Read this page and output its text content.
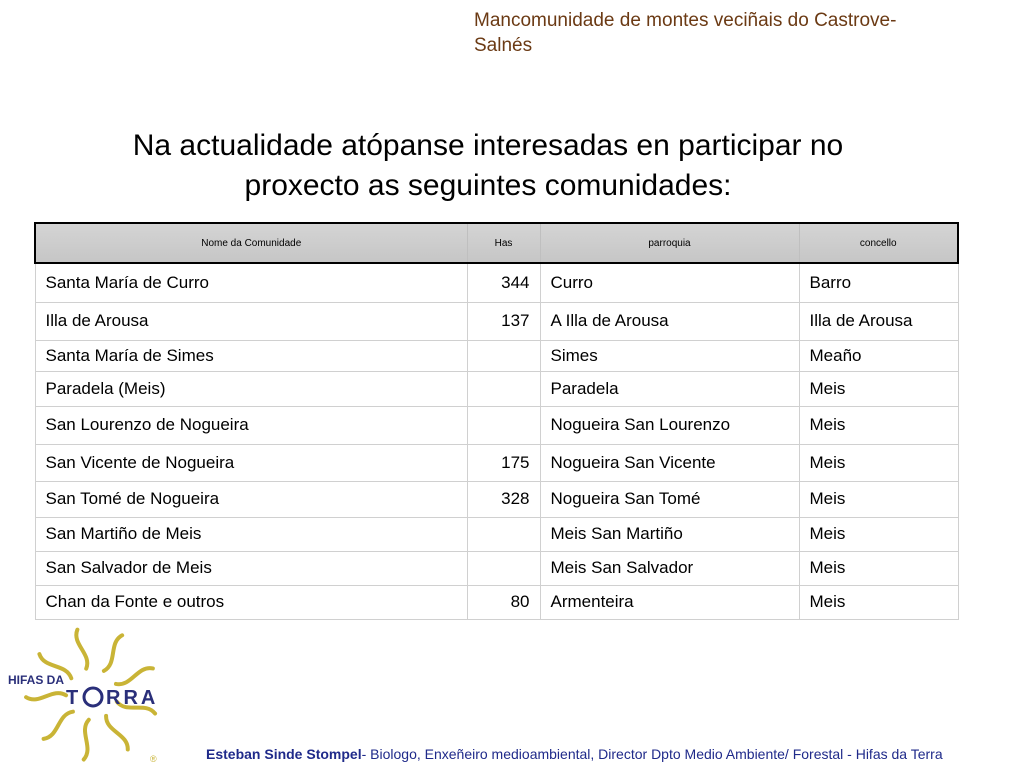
Mancomunidade de montes veciñais do Castrove-
Salnés
Na actualidade atópanse interesadas en participar no
proxecto as seguintes comunidades:
Nome da Comunidade	Has	parroquia	concello
Santa María de Curro	344	Curro	Barro
Illa de Arousa	137	A Illa de Arousa	Illa de Arousa
Santa María de Simes		Simes	Meaño
Paradela (Meis)		Paradela	Meis
San Lourenzo de Nogueira		Nogueira San Lourenzo	Meis
San Vicente de Nogueira	175	Nogueira San Vicente	Meis
San Tomé de Nogueira	328	Nogueira San Tomé	Meis
San Martiño de Meis		Meis San Martiño	Meis
San Salvador de Meis		Meis San Salvador	Meis
Chan da Fonte e outros	80	Armenteira	Meis
HIFAS DA
T RRA
®	Esteban Sinde Stompel- Biologo, Enxeñeiro medioambiental, Director Dpto Medio Ambiente/ Forestal - Hifas da Terra
